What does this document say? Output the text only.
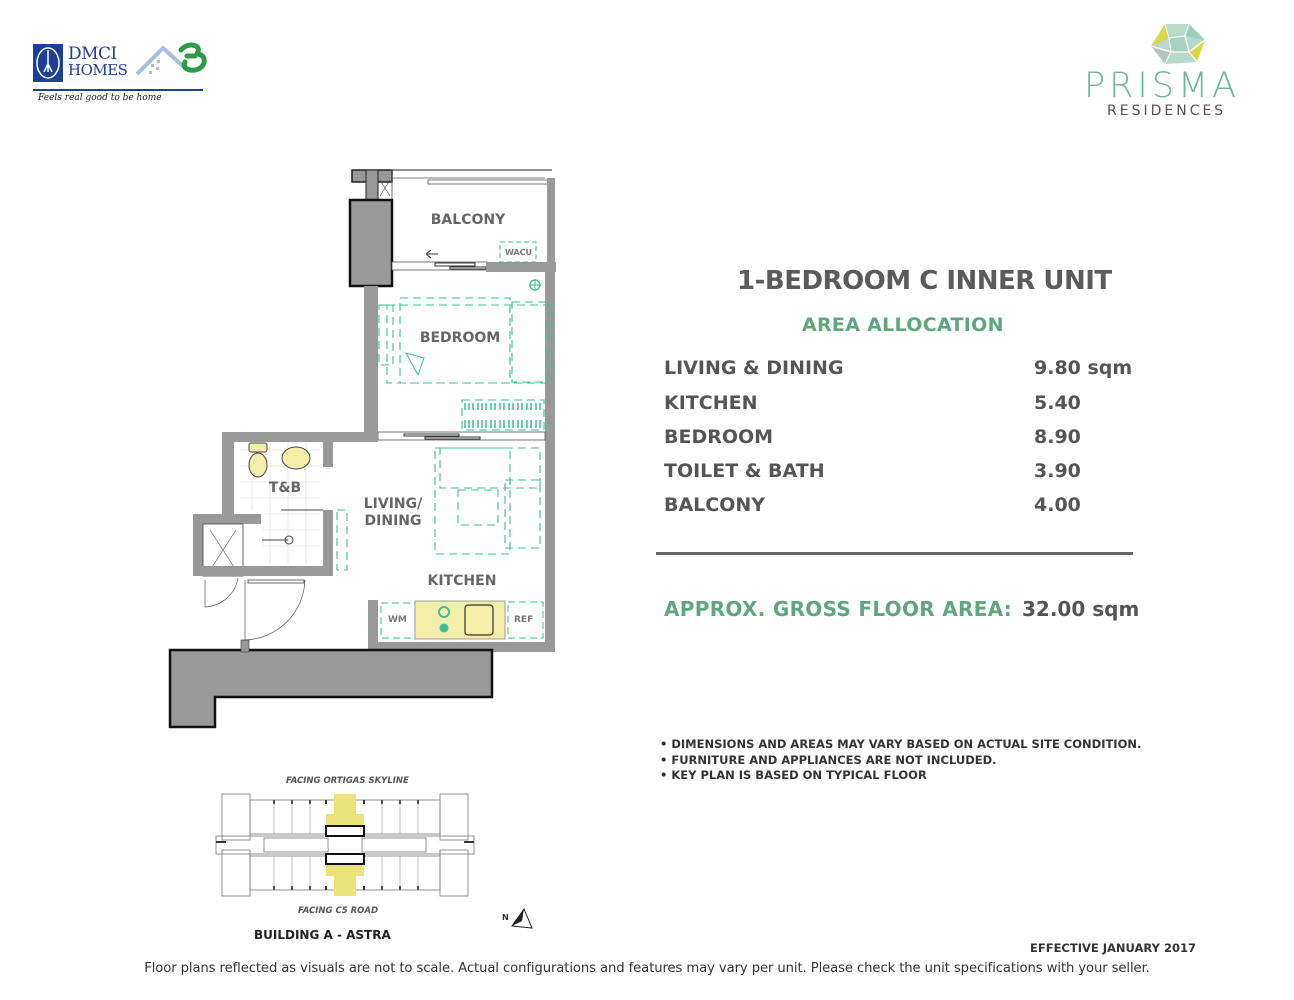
DMCI
HOMES
Feels real good to be home	PRISMA
RESIDENCES
BALCONY
WACU
BEDROOM
T&B
LIVING/
DINING
KITCHEN
WM	REF
1-BEDROOM C INNER UNIT
AREA ALLOCATION
LIVING & DINING	9.80 sqm
KITCHEN	5.40
BEDROOM	8.90
TOILET & BATH	3.90
BALCONY	4.00
APPROX. GROSS FLOOR AREA: 32.00 sqm
• DIMENSIONS AND AREAS MAY VARY BASED ON ACTUAL SITE CONDITION.
• FURNITURE AND APPLIANCES ARE NOT INCLUDED.
• KEY PLAN IS BASED ON TYPICAL FLOOR
FACING ORTIGAS SKYLINE
FACING C5 ROAD
BUILDING A - ASTRA
N
EFFECTIVE JANUARY 2017
Floor plans reflected as visuals are not to scale. Actual configurations and features may vary per unit. Please check the unit specifications with your seller.
